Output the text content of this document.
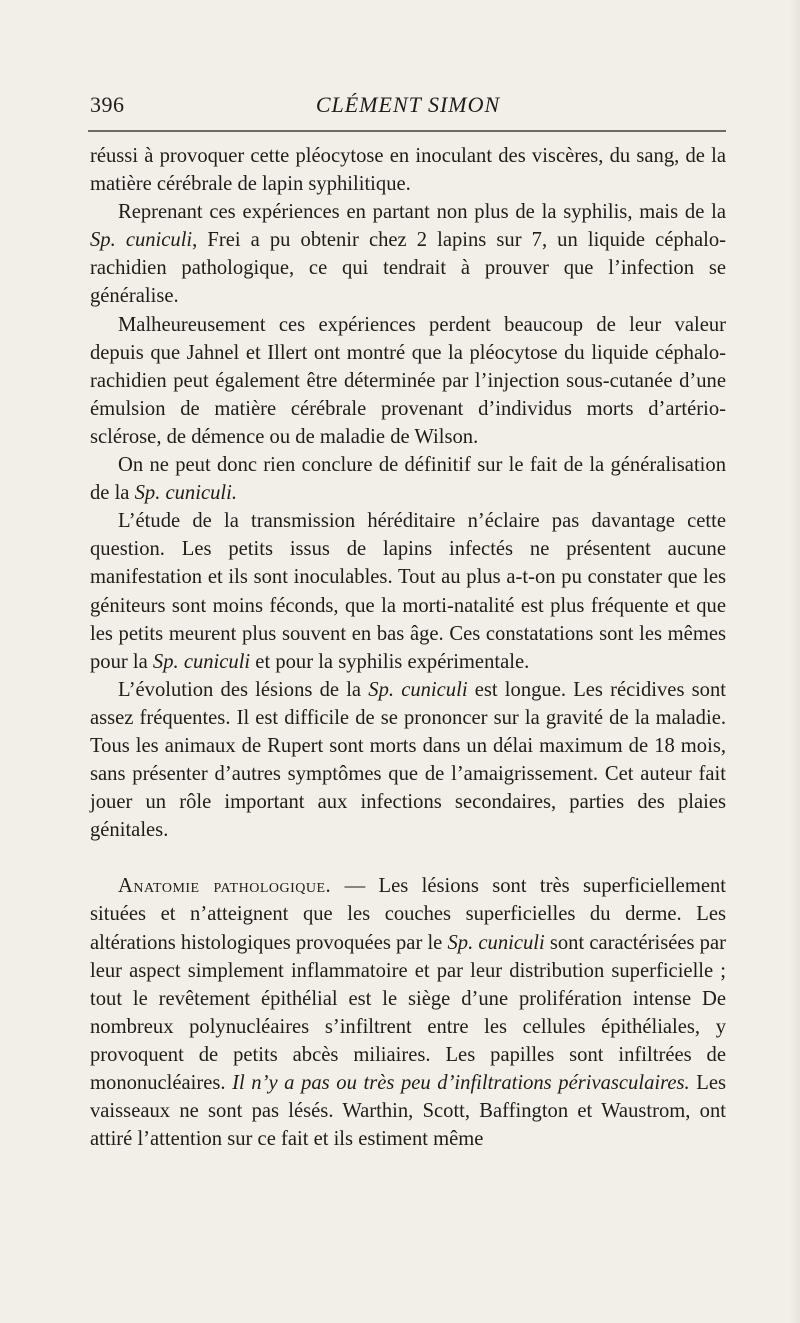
396	CLÉMENT SIMON

réussi à provoquer cette pléocytose en inoculant des viscères, du sang, de la matière cérébrale de lapin syphilitique.

Reprenant ces expériences en partant non plus de la syphilis, mais de la Sp. cuniculi, Frei a pu obtenir chez 2 lapins sur 7, un liquide céphalo-rachidien pathologique, ce qui tendrait à prouver que l’infection se généralise.

Malheureusement ces expériences perdent beaucoup de leur valeur depuis que Jahnel et Illert ont montré que la pléocytose du liquide céphalo-rachidien peut également être déterminée par l’injection sous-cutanée d’une émulsion de matière cérébrale provenant d’individus morts d’artério-sclérose, de démence ou de maladie de Wilson.

On ne peut donc rien conclure de définitif sur le fait de la généralisation de la Sp. cuniculi.

L’étude de la transmission héréditaire n’éclaire pas davantage cette question. Les petits issus de lapins infectés ne présentent aucune manifestation et ils sont inoculables. Tout au plus a-t-on pu constater que les géniteurs sont moins féconds, que la morti-natalité est plus fréquente et que les petits meurent plus souvent en bas âge. Ces constatations sont les mêmes pour la Sp. cuniculi et pour la syphilis expérimentale.

L’évolution des lésions de la Sp. cuniculi est longue. Les récidives sont assez fréquentes. Il est difficile de se prononcer sur la gravité de la maladie. Tous les animaux de Rupert sont morts dans un délai maximum de 18 mois, sans présenter d’autres symptômes que de l’amaigrissement. Cet auteur fait jouer un rôle important aux infections secondaires, parties des plaies génitales.

Anatomie pathologique. — Les lésions sont très superficiellement situées et n’atteignent que les couches superficielles du derme. Les altérations histologiques provoquées par le Sp. cuniculi sont caractérisées par leur aspect simplement inflammatoire et par leur distribution superficielle ; tout le revêtement épithélial est le siège d’une prolifération intense De nombreux polynucléaires s’infiltrent entre les cellules épithéliales, y provoquent de petits abcès miliaires. Les papilles sont infiltrées de mononucléaires. Il n’y a pas ou très peu d’infiltrations périvasculaires. Les vaisseaux ne sont pas lésés. Warthin, Scott, Baffington et Waustrom, ont attiré l’attention sur ce fait et ils estiment même
